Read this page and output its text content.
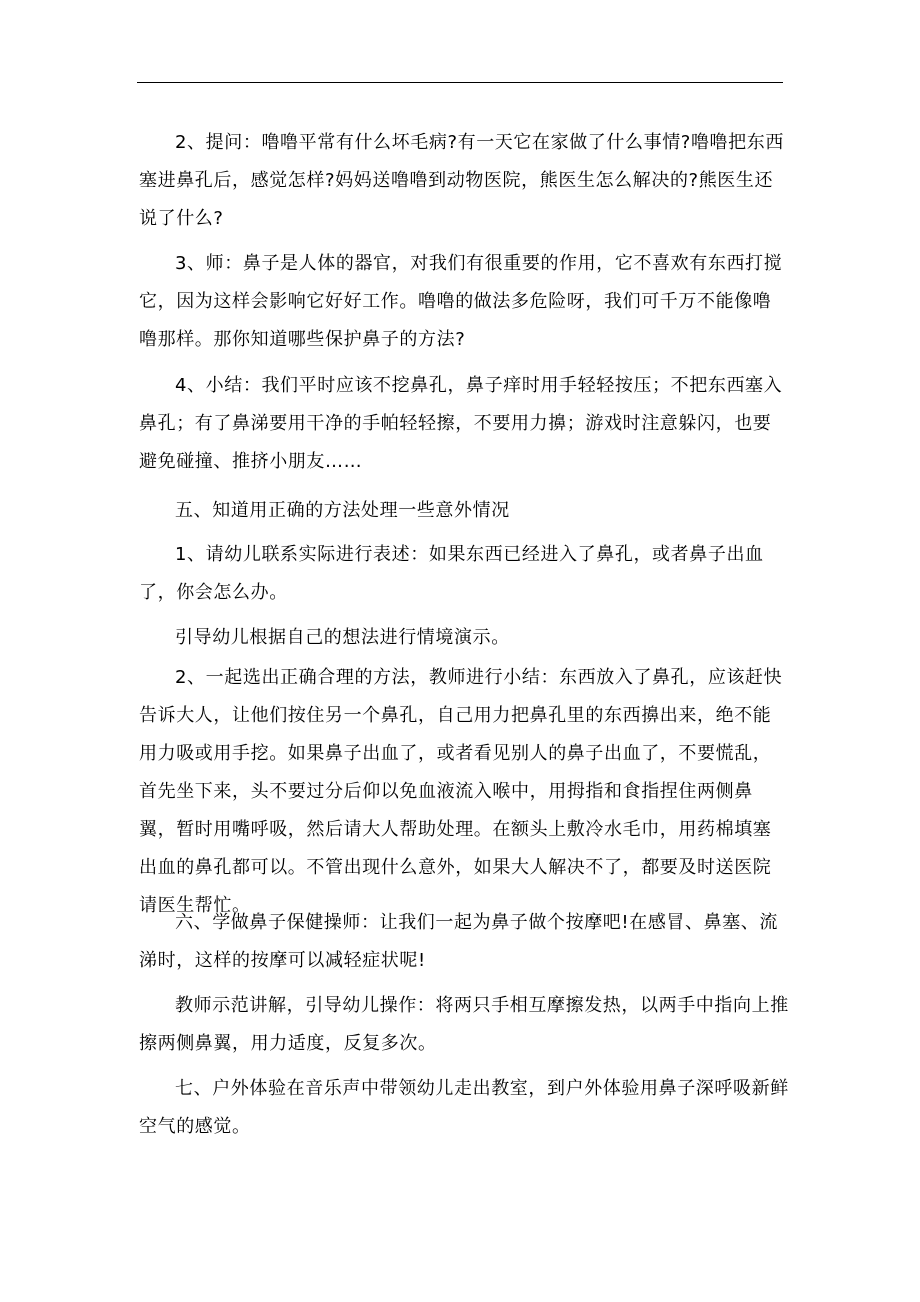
2、提问：噜噜平常有什么坏毛病?有一天它在家做了什么事情?噜噜把东西塞进鼻孔后，感觉怎样?妈妈送噜噜到动物医院，熊医生怎么解决的?熊医生还说了什么?

3、师：鼻子是人体的器官，对我们有很重要的作用，它不喜欢有东西打搅它，因为这样会影响它好好工作。噜噜的做法多危险呀，我们可千万不能像噜噜那样。那你知道哪些保护鼻子的方法?

4、小结：我们平时应该不挖鼻孔，鼻子痒时用手轻轻按压；不把东西塞入鼻孔；有了鼻涕要用干净的手帕轻轻擦，不要用力擤；游戏时注意躲闪，也要避免碰撞、推挤小朋友……

五、知道用正确的方法处理一些意外情况

1、请幼儿联系实际进行表述：如果东西已经进入了鼻孔，或者鼻子出血了，你会怎么办。

引导幼儿根据自己的想法进行情境演示。

2、一起选出正确合理的方法，教师进行小结：东西放入了鼻孔，应该赶快告诉大人，让他们按住另一个鼻孔，自己用力把鼻孔里的东西擤出来，绝不能用力吸或用手挖。如果鼻子出血了，或者看见别人的鼻子出血了，不要慌乱，首先坐下来，头不要过分后仰以免血液流入喉中，用拇指和食指捏住两侧鼻翼，暂时用嘴呼吸，然后请大人帮助处理。在额头上敷冷水毛巾，用药棉填塞出血的鼻孔都可以。不管出现什么意外，如果大人解决不了，都要及时送医院请医生帮忙。

六、学做鼻子保健操师：让我们一起为鼻子做个按摩吧!在感冒、鼻塞、流涕时，这样的按摩可以减轻症状呢!

教师示范讲解，引导幼儿操作：将两只手相互摩擦发热，以两手中指向上推擦两侧鼻翼，用力适度，反复多次。

七、户外体验在音乐声中带领幼儿走出教室，到户外体验用鼻子深呼吸新鲜空气的感觉。
